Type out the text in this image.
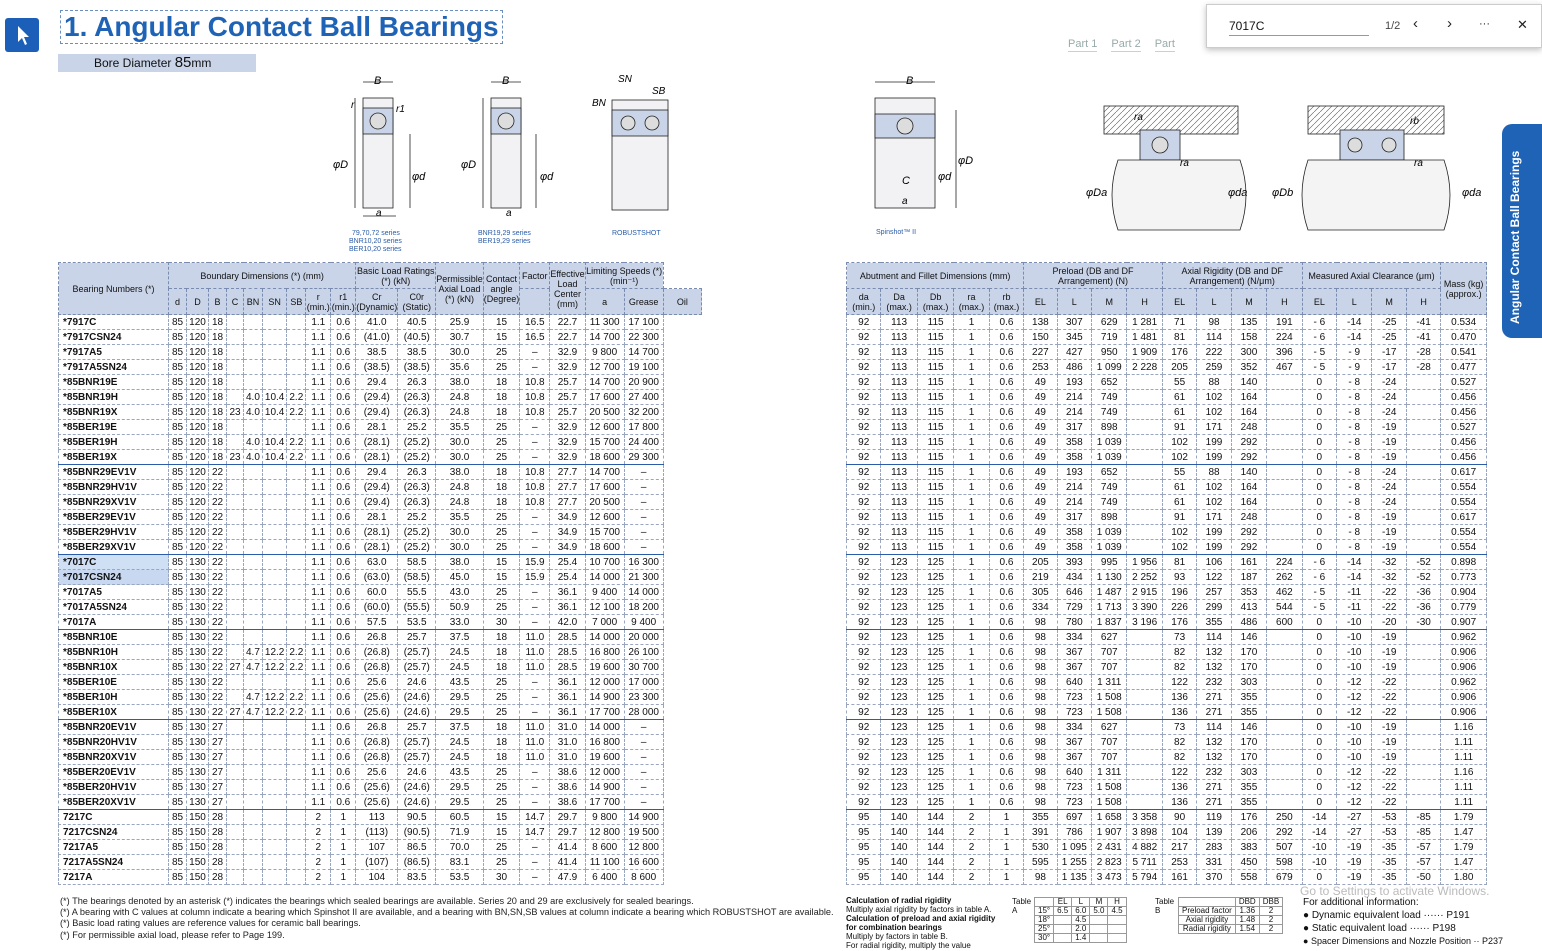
1. Angular Contact Ball Bearings
Part 1 Part 2 Part
Bore Diameter 85mm
7017C	1/2 ‹ › ··· ✕
Angular Contact Ball Bearings
B
r	r1
φD
φd
a
79,70,72 series
BNR10,20 series
BER10,20 series
B
φD
φd
a
BNR19,29 series
BER19,29 series
SN
SB
BN
ROBUSTSHOT
B
φD
φd
C
a
Spinshot™ II
φDa	φda
ra
ra
φDb	φda
rb
ra
Bearing Numbers (*)	Boundary Dimensions (*) (mm)									Basic Load Ratings (*) (kN)		Permissible Axial Load (*) (kN)	Contact angle (Degree)	Factor	Effective Load Center (mm)	Limiting Speeds (*) (min⁻¹)		
	d	D	B	C	BN	SN	SB	r (min.)	r1 (min.)	Cr (Dynamic)	C0r (Static)					a	Grease	Oil
*7917C	85	120	18					1.1	0.6	41.0	40.5	25.9	15	16.5	22.7	11 300	17 100	
*7917CSN24	85	120	18					1.1	0.6	(41.0)	(40.5)	30.7	15	16.5	22.7	14 700	22 300	
*7917A5	85	120	18					1.1	0.6	38.5	38.5	30.0	25	–	32.9	9 800	14 700	
*7917A5SN24	85	120	18					1.1	0.6	(38.5)	(38.5)	35.6	25	–	32.9	12 700	19 100	
*85BNR19E	85	120	18					1.1	0.6	29.4	26.3	38.0	18	10.8	25.7	14 700	20 900	
*85BNR19H	85	120	18		4.0	10.4	2.2	1.1	0.6	(29.4)	(26.3)	24.8	18	10.8	25.7	17 600	27 400	
*85BNR19X	85	120	18	23	4.0	10.4	2.2	1.1	0.6	(29.4)	(26.3)	24.8	18	10.8	25.7	20 500	32 200	
*85BER19E	85	120	18					1.1	0.6	28.1	25.2	35.5	25	–	32.9	12 600	17 800	
*85BER19H	85	120	18		4.0	10.4	2.2	1.1	0.6	(28.1)	(25.2)	30.0	25	–	32.9	15 700	24 400	
*85BER19X	85	120	18	23	4.0	10.4	2.2	1.1	0.6	(28.1)	(25.2)	30.0	25	–	32.9	18 600	29 300	
*85BNR29EV1V	85	120	22					1.1	0.6	29.4	26.3	38.0	18	10.8	27.7	14 700	–	
*85BNR29HV1V	85	120	22					1.1	0.6	(29.4)	(26.3)	24.8	18	10.8	27.7	17 600	–	
*85BNR29XV1V	85	120	22					1.1	0.6	(29.4)	(26.3)	24.8	18	10.8	27.7	20 500	–	
*85BER29EV1V	85	120	22					1.1	0.6	28.1	25.2	35.5	25	–	34.9	12 600	–	
*85BER29HV1V	85	120	22					1.1	0.6	(28.1)	(25.2)	30.0	25	–	34.9	15 700	–	
*85BER29XV1V	85	120	22					1.1	0.6	(28.1)	(25.2)	30.0	25	–	34.9	18 600	–	
*7017C	85	130	22					1.1	0.6	63.0	58.5	38.0	15	15.9	25.4	10 700	16 300	
*7017CSN24	85	130	22					1.1	0.6	(63.0)	(58.5)	45.0	15	15.9	25.4	14 000	21 300	
*7017A5	85	130	22					1.1	0.6	60.0	55.5	43.0	25	–	36.1	9 400	14 000	
*7017A5SN24	85	130	22					1.1	0.6	(60.0)	(55.5)	50.9	25	–	36.1	12 100	18 200	
*7017A	85	130	22					1.1	0.6	57.5	53.5	33.0	30	–	42.0	7 000	9 400	
*85BNR10E	85	130	22					1.1	0.6	26.8	25.7	37.5	18	11.0	28.5	14 000	20 000	
*85BNR10H	85	130	22		4.7	12.2	2.2	1.1	0.6	(26.8)	(25.7)	24.5	18	11.0	28.5	16 800	26 100	
*85BNR10X	85	130	22	27	4.7	12.2	2.2	1.1	0.6	(26.8)	(25.7)	24.5	18	11.0	28.5	19 600	30 700	
*85BER10E	85	130	22					1.1	0.6	25.6	24.6	43.5	25	–	36.1	12 000	17 000	
*85BER10H	85	130	22		4.7	12.2	2.2	1.1	0.6	(25.6)	(24.6)	29.5	25	–	36.1	14 900	23 300	
*85BER10X	85	130	22	27	4.7	12.2	2.2	1.1	0.6	(25.6)	(24.6)	29.5	25	–	36.1	17 700	28 000	
*85BNR20EV1V	85	130	27					1.1	0.6	26.8	25.7	37.5	18	11.0	31.0	14 000	–	
*85BNR20HV1V	85	130	27					1.1	0.6	(26.8)	(25.7)	24.5	18	11.0	31.0	16 800	–	
*85BNR20XV1V	85	130	27					1.1	0.6	(26.8)	(25.7)	24.5	18	11.0	31.0	19 600	–	
*85BER20EV1V	85	130	27					1.1	0.6	25.6	24.6	43.5	25	–	38.6	12 000	–	
*85BER20HV1V	85	130	27					1.1	0.6	(25.6)	(24.6)	29.5	25	–	38.6	14 900	–	
*85BER20XV1V	85	130	27					1.1	0.6	(25.6)	(24.6)	29.5	25	–	38.6	17 700	–	
7217C	85	150	28					2	1	113	90.5	60.5	15	14.7	29.7	9 800	14 900	
7217CSN24	85	150	28					2	1	(113)	(90.5)	71.9	15	14.7	29.7	12 800	19 500	
7217A5	85	150	28					2	1	107	86.5	70.0	25	–	41.4	8 600	12 800	
7217A5SN24	85	150	28					2	1	(107)	(86.5)	83.1	25	–	41.4	11 100	16 600	
7217A	85	150	28					2	1	104	83.5	53.5	30	–	47.9	6 400	8 600	
Abutment and Fillet Dimensions (mm)					Preload (DB and DF Arrangement) (N)				Axial Rigidity (DB and DF Arrangement) (N/μm)				Measured Axial Clearance (μm)				Mass (kg) (approx.)
da (min.)	Da (max.)	Db (max.)	ra (max.)	rb (max.)	EL	L	M	H	EL	L	M	H	EL	L	M	H	
92	113	115	1	0.6	138	307	629	1 281	71	98	135	191	- 6	-14	-25	-41	0.534
92	113	115	1	0.6	150	345	719	1 481	81	114	158	224	- 6	-14	-25	-41	0.470
92	113	115	1	0.6	227	427	950	1 909	176	222	300	396	- 5	- 9	-17	-28	0.541
92	113	115	1	0.6	253	486	1 099	2 228	205	259	352	467	- 5	- 9	-17	-28	0.477
92	113	115	1	0.6	49	193	652		55	88	140		0	- 8	-24		0.527
92	113	115	1	0.6	49	214	749		61	102	164		0	- 8	-24		0.456
92	113	115	1	0.6	49	214	749		61	102	164		0	- 8	-24		0.456
92	113	115	1	0.6	49	317	898		91	171	248		0	- 8	-19		0.527
92	113	115	1	0.6	49	358	1 039		102	199	292		0	- 8	-19		0.456
92	113	115	1	0.6	49	358	1 039		102	199	292		0	- 8	-19		0.456
92	113	115	1	0.6	49	193	652		55	88	140		0	- 8	-24		0.617
92	113	115	1	0.6	49	214	749		61	102	164		0	- 8	-24		0.554
92	113	115	1	0.6	49	214	749		61	102	164		0	- 8	-24		0.554
92	113	115	1	0.6	49	317	898		91	171	248		0	- 8	-19		0.617
92	113	115	1	0.6	49	358	1 039		102	199	292		0	- 8	-19		0.554
92	113	115	1	0.6	49	358	1 039		102	199	292		0	- 8	-19		0.554
92	123	125	1	0.6	205	393	995	1 956	81	106	161	224	- 6	-14	-32	-52	0.898
92	123	125	1	0.6	219	434	1 130	2 252	93	122	187	262	- 6	-14	-32	-52	0.773
92	123	125	1	0.6	305	646	1 487	2 915	196	257	353	462	- 5	-11	-22	-36	0.904
92	123	125	1	0.6	334	729	1 713	3 390	226	299	413	544	- 5	-11	-22	-36	0.779
92	123	125	1	0.6	98	780	1 837	3 196	176	355	486	600	0	-10	-20	-30	0.907
92	123	125	1	0.6	98	334	627		73	114	146		0	-10	-19		0.962
92	123	125	1	0.6	98	367	707		82	132	170		0	-10	-19		0.906
92	123	125	1	0.6	98	367	707		82	132	170		0	-10	-19		0.906
92	123	125	1	0.6	98	640	1 311		122	232	303		0	-12	-22		0.962
92	123	125	1	0.6	98	723	1 508		136	271	355		0	-12	-22		0.906
92	123	125	1	0.6	98	723	1 508		136	271	355		0	-12	-22		0.906
92	123	125	1	0.6	98	334	627		73	114	146		0	-10	-19		1.16
92	123	125	1	0.6	98	367	707		82	132	170		0	-10	-19		1.11
92	123	125	1	0.6	98	367	707		82	132	170		0	-10	-19		1.11
92	123	125	1	0.6	98	640	1 311		122	232	303		0	-12	-22		1.16
92	123	125	1	0.6	98	723	1 508		136	271	355		0	-12	-22		1.11
92	123	125	1	0.6	98	723	1 508		136	271	355		0	-12	-22		1.11
95	140	144	2	1	355	697	1 658	3 358	90	119	176	250	-14	-27	-53	-85	1.79
95	140	144	2	1	391	786	1 907	3 898	104	139	206	292	-14	-27	-53	-85	1.47
95	140	144	2	1	530	1 095	2 431	4 882	217	283	383	507	-10	-19	-35	-57	1.79
95	140	144	2	1	595	1 255	2 823	5 711	253	331	450	598	-10	-19	-35	-57	1.47
95	140	144	2	1	98	1 135	3 473	5 794	161	370	558	679	0	-19	-35	-50	1.80
(*) The bearings denoted by an asterisk (*) indicates the bearings which sealed bearings are available. Series 20 and 29 are exclusively for sealed bearings.
(*) A bearing with C values at column indicate a bearing which Spinshot II are available, and a bearing with BN,SN,SB values at column indicate a bearing which ROBUSTSHOT are available.
(*) Basic load rating values are reference values for ceramic ball bearings.
(*) For permissible axial load, please refer to Page 199.
Calculation of radial rigidity
Multiply axial rigidity by factors in table A.
Calculation of preload and axial rigidity
for combination bearings
Multiply by factors in table B.
For radial rigidity, multiply the value
Table A
	EL	L	M	H
15°	6.5	6.0	5.0	4.5
18°		4.5		
25°		2.0		
30°		1.4		
Table B
	DBD	DBB
Preload factor	1.36	2
Axial rigidity	1.48	2
Radial rigidity	1.54	2
For additional information:
● Dynamic equivalent load ······ P191
● Static equivalent load ······ P198
● Spacer Dimensions and Nozzle Position ·· P237
Go to Settings to activate Windows.
